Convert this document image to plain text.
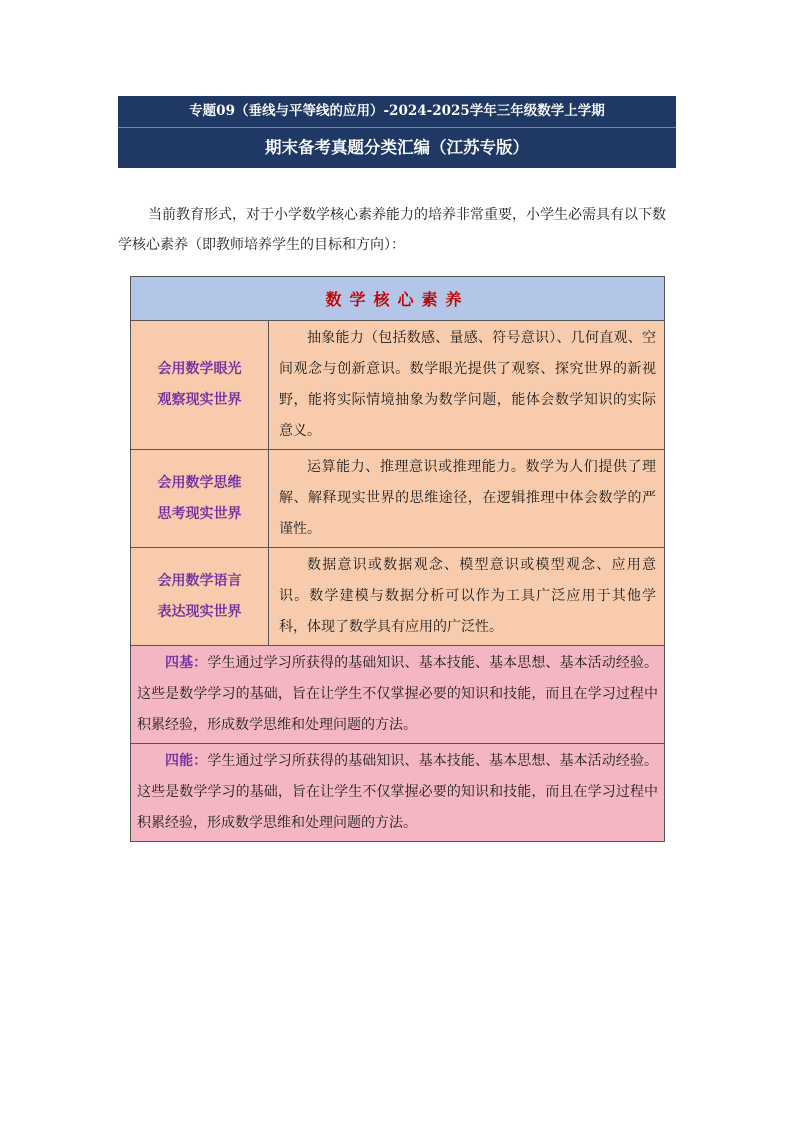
专题09（垂线与平等线的应用）-2024-2025学年三年级数学上学期
期末备考真题分类汇编（江苏专版）
当前教育形式，对于小学数学核心素养能力的培养非常重要，小学生必需具有以下数学核心素养（即教师培养学生的目标和方向）：
数学核心素养	

会用数学眼光
观察现实世界	抽象能力（包括数感、量感、符号意识）、几何直观、空间观念与创新意识。数学眼光提供了观察、探究世界的新视野，能将实际情境抽象为数学问题，能体会数学知识的实际意义。

会用数学思维
思考现实世界	运算能力、推理意识或推理能力。数学为人们提供了理解、解释现实世界的思维途径，在逻辑推理中体会数学的严谨性。

会用数学语言
表达现实世界	数据意识或数据观念、模型意识或模型观念、应用意识。数学建模与数据分析可以作为工具广泛应用于其他学科，体现了数学具有应用的广泛性。
四基：学生通过学习所获得的基础知识、基本技能、基本思想、基本活动经验。这些是数学学习的基础，旨在让学生不仅掌握必要的知识和技能，而且在学习过程中积累经验，形成数学思维和处理问题的方法。	
四能：学生通过学习所获得的基础知识、基本技能、基本思想、基本活动经验。这些是数学学习的基础，旨在让学生不仅掌握必要的知识和技能，而且在学习过程中积累经验，形成数学思维和处理问题的方法。	
